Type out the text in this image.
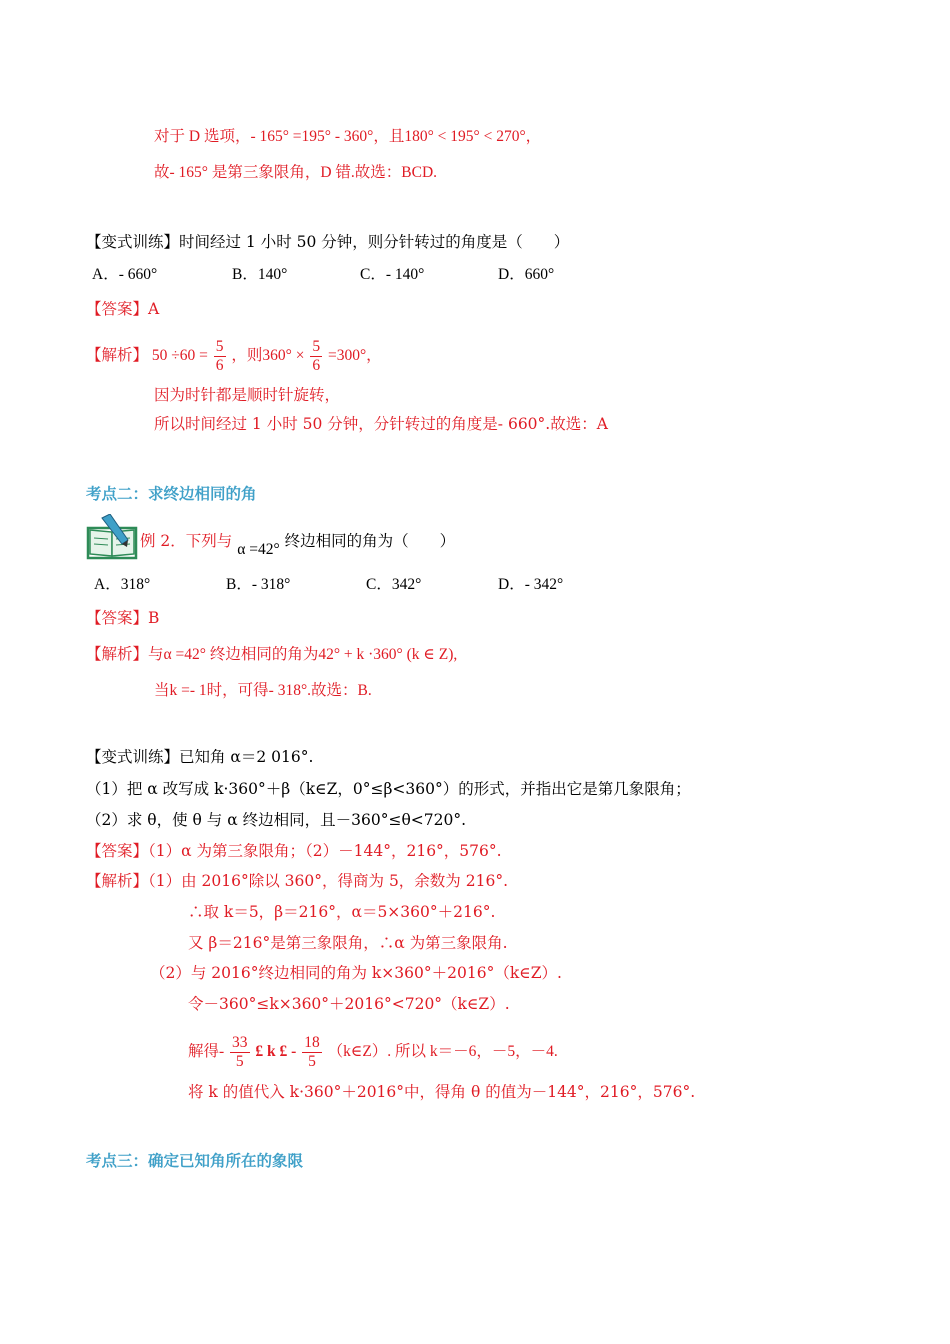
对于 D 选项，- 165° =195° - 360°，且180° < 195° < 270°，
故- 165° 是第三象限角，D 错.故选：BCD.
【变式训练】时间经过 1 小时 50 分钟，则分针转过的角度是（　　）
A．- 660°	B．140°	C．- 140°	D．660°
【答案】A
【解析】 $50 \div 60 = \frac{5}{6}$ ，则$360^\circ \times \frac{5}{6} =300^\circ$，
因为时针都是顺时针旋转，
所以时间经过 1 小时 50 分钟，分针转过的角度是- 660°.故选：A
考点二：求终边相同的角
例 2．下列与 α =42° 终边相同的角为（　　）
A．318°	B．- 318°	C．342°	D．- 342°
【答案】B
【解析】与α =42° 终边相同的角为42° + k ·360° (k ∈ Z),
当k =- 1时，可得- 318°.故选：B.
【变式训练】已知角 α＝2 016°.
（1）把 α 改写成 k·360°＋β（k∈Z，0°≤β<360°）的形式，并指出它是第几象限角；
（2）求 θ，使 θ 与 α 终边相同，且－360°≤θ<720°.
【答案】（1）α 为第三象限角；（2）－144°，216°，576°.
【解析】（1）由 2016°除以 360°，得商为 5，余数为 216°.
∴取 k＝5，β＝216°，α＝5×360°＋216°.
又 β＝216°是第三象限角，∴α 为第三象限角.
（2）与 2016°终边相同的角为 k×360°＋2016°（k∈Z）.
令－360°≤k×360°＋2016°<720°（k∈Z）.
解得- $\frac{33}{5}$ £ k £ - $\frac{18}{5}$ （k∈Z）. 所以 k＝－6，－5，－4.
将 k 的值代入 k·360°＋2016°中，得角 θ 的值为－144°，216°，576°.
考点三：确定已知角所在的象限
